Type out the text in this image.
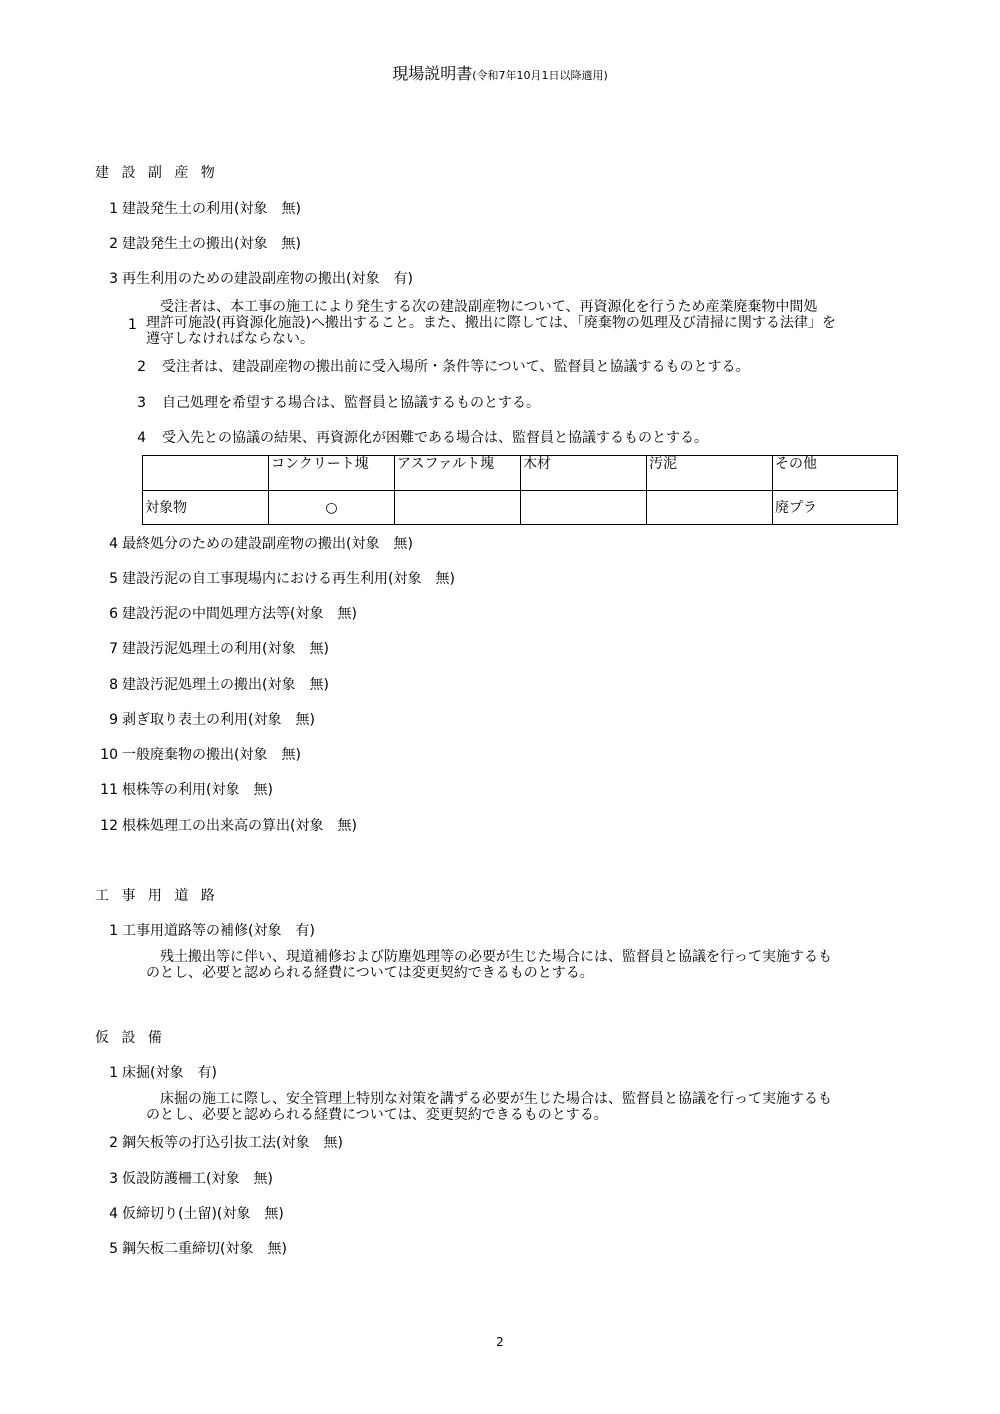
現場説明書(令和7年10月1日以降適用)
建 設 副 産 物
1 建設発生土の利用(対象　無)
2 建設発生土の搬出(対象　無)
3 再生利用のための建設副産物の搬出(対象　有)
1
　受注者は、本工事の施工により発生する次の建設副産物について、再資源化を行うため産業廃棄物中間処
理許可施設(再資源化施設)へ搬出すること。また、搬出に際しては、「廃棄物の処理及び清掃に関する法律」を
遵守しなければならない。
2 受注者は、建設副産物の搬出前に受入場所・条件等について、監督員と協議するものとする。
3 自己処理を希望する場合は、監督員と協議するものとする。
4 受入先との協議の結果、再資源化が困難である場合は、監督員と協議するものとする。
	コンクリート塊	アスファルト塊	木材	汚泥	その他
対象物	○				廃プラ
4 最終処分のための建設副産物の搬出(対象　無)
5 建設汚泥の自工事現場内における再生利用(対象　無)
6 建設汚泥の中間処理方法等(対象　無)
7 建設汚泥処理土の利用(対象　無)
8 建設汚泥処理土の搬出(対象　無)
9 剥ぎ取り表土の利用(対象　無)
10 一般廃棄物の搬出(対象　無)
11 根株等の利用(対象　無)
12 根株処理工の出来高の算出(対象　無)
工 事 用 道 路
1 工事用道路等の補修(対象　有)
　残土搬出等に伴い、現道補修および防塵処理等の必要が生じた場合には、監督員と協議を行って実施するも
のとし、必要と認められる経費については変更契約できるものとする。
仮 設 備
1 床掘(対象　有)
　床掘の施工に際し、安全管理上特別な対策を講ずる必要が生じた場合は、監督員と協議を行って実施するも
のとし、必要と認められる経費については、変更契約できるものとする。
2 鋼矢板等の打込引抜工法(対象　無)
3 仮設防護柵工(対象　無)
4 仮締切り(土留)(対象　無)
5 鋼矢板二重締切(対象　無)
2
